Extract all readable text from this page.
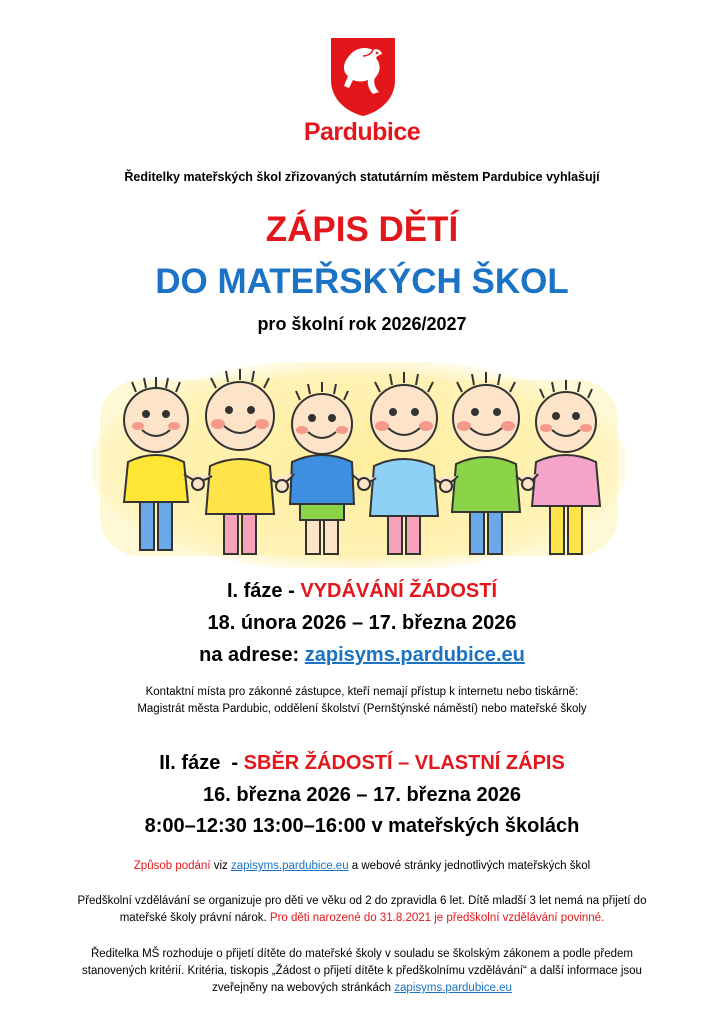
Pardubice
Ředitelky mateřských škol zřizovaných statutárním městem Pardubice vyhlašují
ZÁPIS DĚTÍ
DO MATEŘSKÝCH ŠKOL
pro školní rok 2026/2027
I. fáze - VYDÁVÁNÍ ŽÁDOSTÍ
18. února 2026 – 17. března 2026
na adrese: zapisyms.pardubice.eu
Kontaktní místa pro zákonné zástupce, kteří nemají přístup k internetu nebo tiskárně:
Magistrát města Pardubic, oddělení školství (Pernštýnské náměstí) nebo mateřské školy
II. fáze  - SBĚR ŽÁDOSTÍ – VLASTNÍ ZÁPIS
16. března 2026 – 17. března 2026
8:00–12:30 13:00–16:00 v mateřských školách
Způsob podání viz zapisyms.pardubice.eu a webové stránky jednotlivých mateřských škol
Předškolní vzdělávání se organizuje pro děti ve věku od 2 do zpravidla 6 let. Dítě mladší 3 let nemá na přijetí do
mateřské školy právní nárok. Pro děti narozené do 31.8.2021 je předškolní vzdělávání povinné.
Ředitelka MŠ rozhoduje o přijetí dítěte do mateřské školy v souladu se školským zákonem a podle předem
stanovených kritérií. Kritéria, tiskopis „Žádost o přijetí dítěte k předškolnímu vzdělávání“ a další informace jsou
zveřejněny na webových stránkách zapisyms.pardubice.eu
